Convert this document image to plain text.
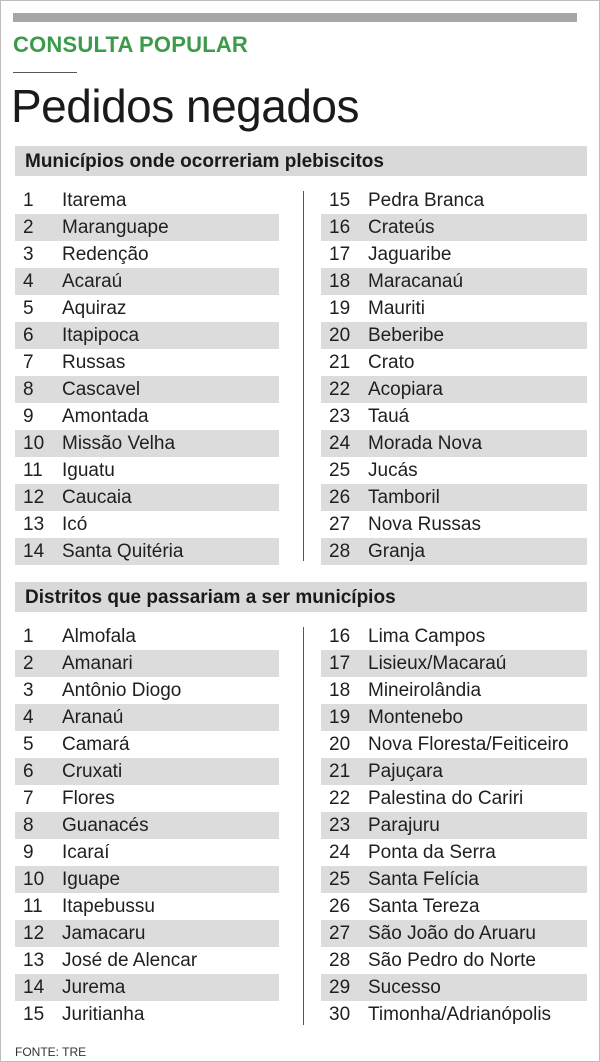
CONSULTA POPULAR
Pedidos negados
Municípios onde ocorreriam plebiscitos
1 Itarema
2 Maranguape
3 Redenção
4 Acaraú
5 Aquiraz
6 Itapipoca
7 Russas
8 Cascavel
9 Amontada
10 Missão Velha
11 Iguatu
12 Caucaia
13 Icó
14 Santa Quitéria
15 Pedra Branca
16 Crateús
17 Jaguaribe
18 Maracanaú
19 Mauriti
20 Beberibe
21 Crato
22 Acopiara
23 Tauá
24 Morada Nova
25 Jucás
26 Tamboril
27 Nova Russas
28 Granja
Distritos que passariam a ser municípios
1 Almofala
2 Amanari
3 Antônio Diogo
4 Aranaú
5 Camará
6 Cruxati
7 Flores
8 Guanacés
9 Icaraí
10 Iguape
11 Itapebussu
12 Jamacaru
13 José de Alencar
14 Jurema
15 Juritianha
16 Lima Campos
17 Lisieux/Macaraú
18 Mineirolândia
19 Montenebo
20 Nova Floresta/Feiticeiro
21 Pajuçara
22 Palestina do Cariri
23 Parajuru
24 Ponta da Serra
25 Santa Felícia
26 Santa Tereza
27 São João do Aruaru
28 São Pedro do Norte
29 Sucesso
30 Timonha/Adrianópolis
FONTE: TRE
